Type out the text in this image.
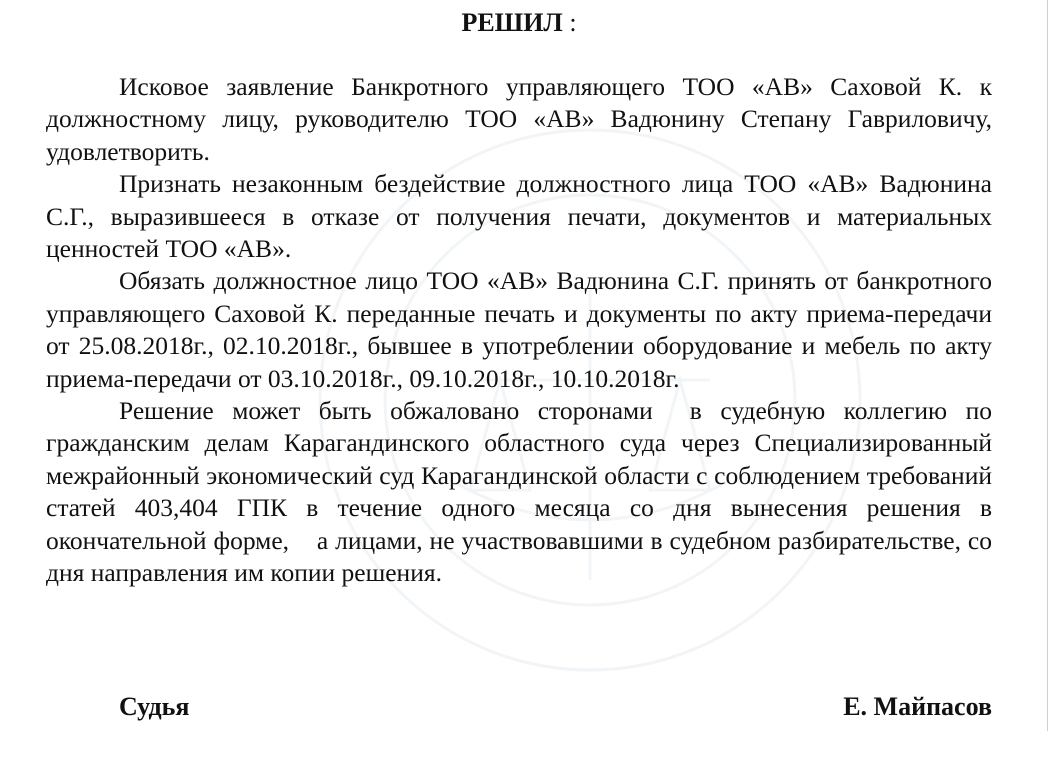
РЕШИЛ :

Исковое заявление Банкротного управляющего ТОО «АВ» Саховой К. к должностному лицу, руководителю ТОО «АВ» Вадюнину Степану Гавриловичу, удовлетворить.

Признать незаконным бездействие должностного лица ТОО «АВ» Вадюнина С.Г., выразившееся в отказе от получения печати, документов и материальных ценностей ТОО «АВ».

Обязать должностное лицо ТОО «АВ» Вадюнина С.Г. принять от банкротного управляющего Саховой К. переданные печать и документы по акту приема-передачи от 25.08.2018г., 02.10.2018г., бывшее в употреблении оборудование и мебель по акту приема-передачи от 03.10.2018г., 09.10.2018г., 10.10.2018г.

Решение может быть обжаловано сторонами  в судебную коллегию по гражданским делам Карагандинского областного суда через Специализированный межрайонный экономический суд Карагандинской области с соблюдением требований статей 403,404 ГПК в течение одного месяца со дня вынесения решения в окончательной форме,    а лицами, не участвовавшими в судебном разбирательстве, со дня направления им копии решения.

Судья	Е. Майпасов
